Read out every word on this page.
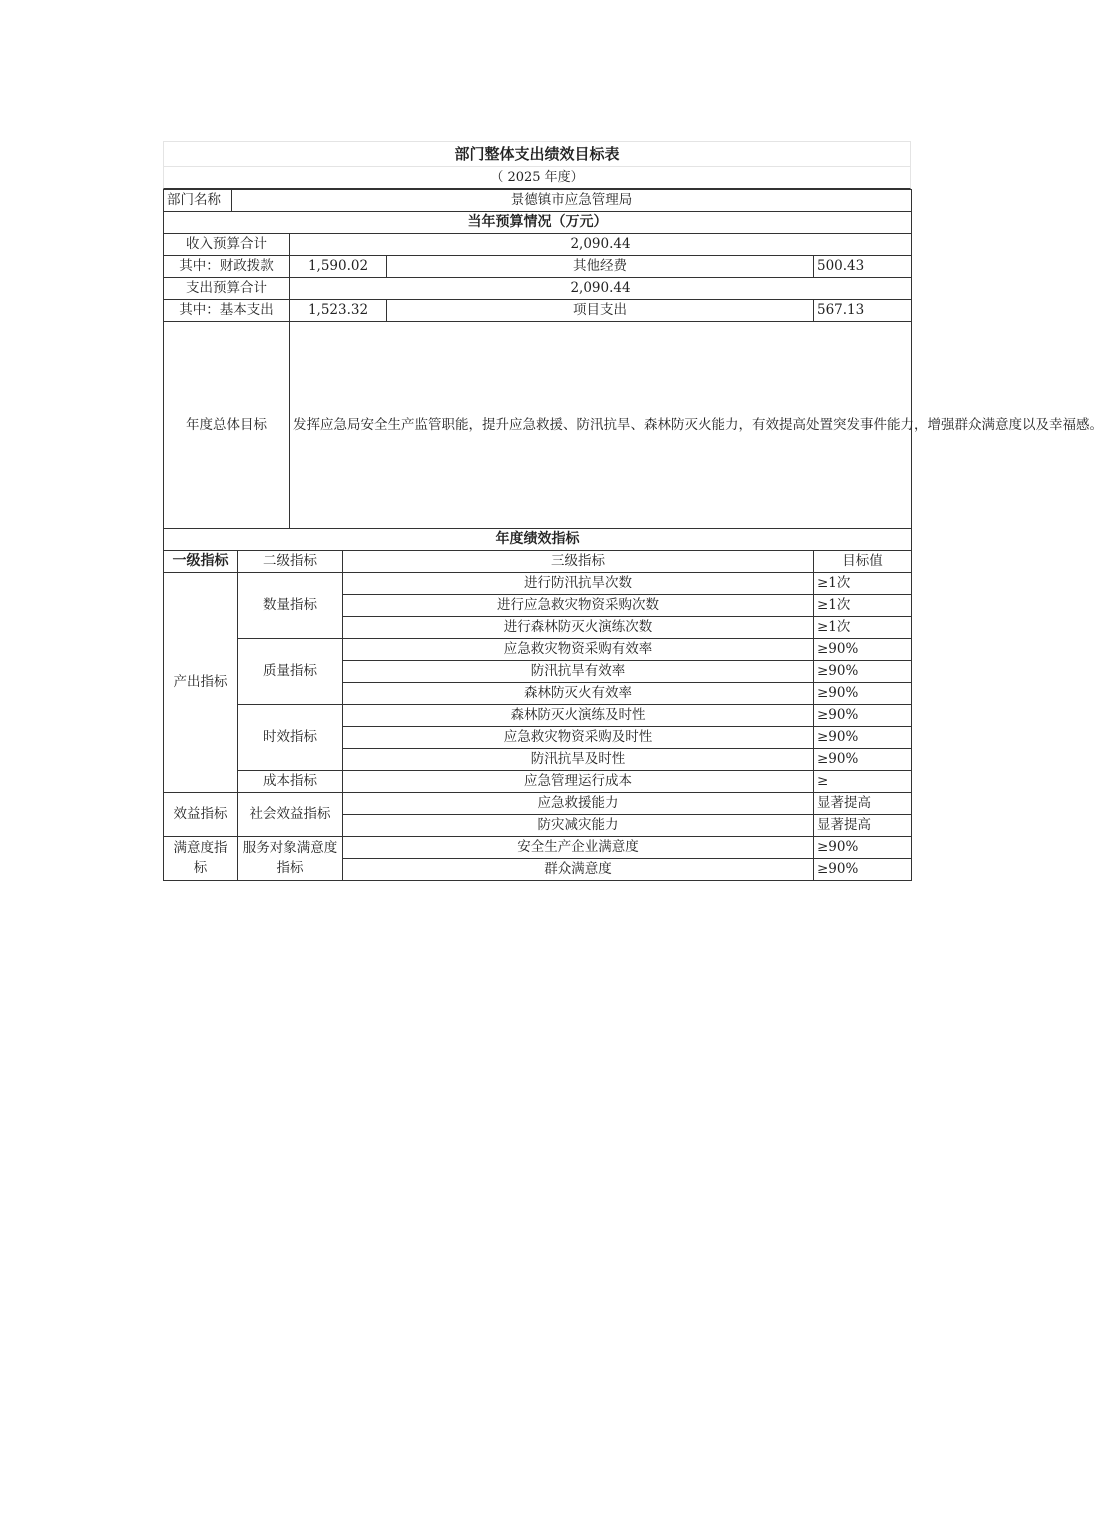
部门整体支出绩效目标表
（ 2025 年度）
部门名称	景德镇市应急管理局			
当年预算情况（万元）				
收入预算合计		2,090.44		
其中：财政拨款		1,590.02	其他经费	500.43
支出预算合计		2,090.44		
其中：基本支出		1,523.32	项目支出	567.13
年度总体目标		发挥应急局安全生产监管职能，提升应急救援、防汛抗旱、森林防灭火能力，有效提高处置突发事件能力，增强群众满意度以及幸福感。		
年度绩效指标				
一级指标	二级指标	三级指标	目标值
产出指标	数量指标	进行防汛抗旱次数	≥1次
		进行应急救灾物资采购次数	≥1次
		进行森林防灭火演练次数	≥1次
	质量指标	应急救灾物资采购有效率	≥90%
		防汛抗旱有效率	≥90%
		森林防灭火有效率	≥90%
	时效指标	森林防灭火演练及时性	≥90%
		应急救灾物资采购及时性	≥90%
		防汛抗旱及时性	≥90%
	成本指标	应急管理运行成本	≥
效益指标	社会效益指标	应急救援能力	显著提高
		防灾减灾能力	显著提高
满意度指标	服务对象满意度指标	安全生产企业满意度	≥90%
		群众满意度	≥90%
